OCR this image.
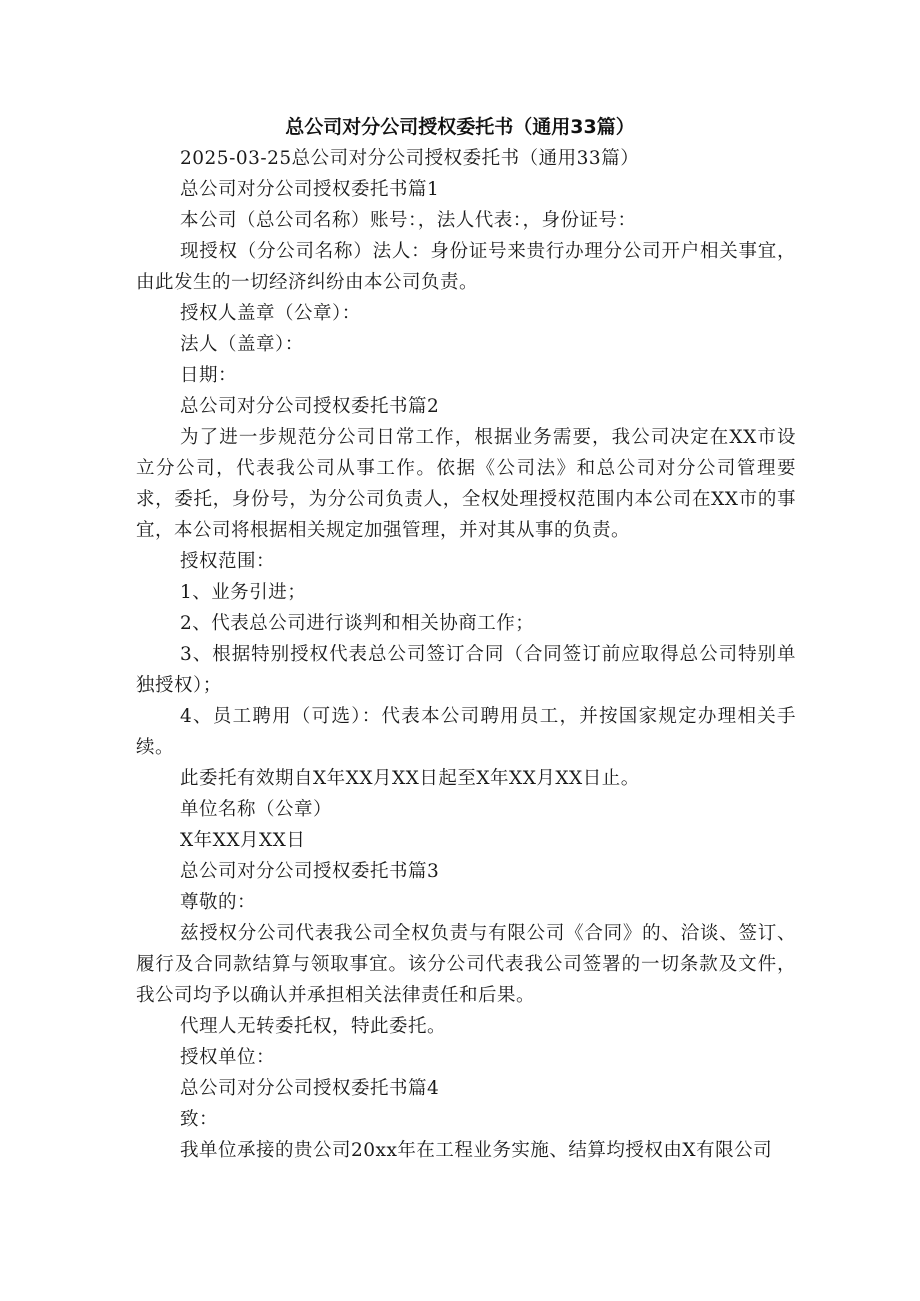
总公司对分公司授权委托书（通用33篇）

2025-03-25总公司对分公司授权委托书（通用33篇）

总公司对分公司授权委托书篇1

本公司（总公司名称）账号：，法人代表：，身份证号：

现授权（分公司名称）法人：身份证号来贵行办理分公司开户相关事宜，由此发生的一切经济纠纷由本公司负责。

授权人盖章（公章）：

法人（盖章）：

日期：

总公司对分公司授权委托书篇2

为了进一步规范分公司日常工作，根据业务需要，我公司决定在XX市设立分公司，代表我公司从事工作。依据《公司法》和总公司对分公司管理要求，委托，身份号，为分公司负责人，全权处理授权范围内本公司在XX市的事宜，本公司将根据相关规定加强管理，并对其从事的负责。

授权范围：

1、业务引进；

2、代表总公司进行谈判和相关协商工作；

3、根据特别授权代表总公司签订合同（合同签订前应取得总公司特别单独授权）；

4、员工聘用（可选）：代表本公司聘用员工，并按国家规定办理相关手续。

此委托有效期自X年XX月XX日起至X年XX月XX日止。

单位名称（公章）

X年XX月XX日

总公司对分公司授权委托书篇3

尊敬的：

兹授权分公司代表我公司全权负责与有限公司《合同》的、洽谈、签订、履行及合同款结算与领取事宜。该分公司代表我公司签署的一切条款及文件，我公司均予以确认并承担相关法律责任和后果。

代理人无转委托权，特此委托。

授权单位：

总公司对分公司授权委托书篇4

致：

我单位承接的贵公司20xx年在工程业务实施、结算均授权由X有限公司
